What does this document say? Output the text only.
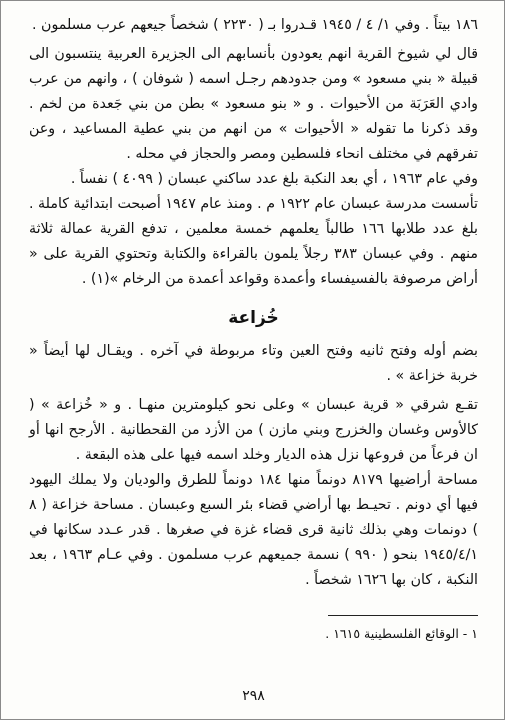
١٨٦ بيتاً . وفي ١/ ٤ / ١٩٤٥ قـدروا بـ ( ٢٢٣٠ ) شخصاً جيعهم عرب مسلمون .

قال لي شيوخ القرية انهم يعودون بأنسابهم الى الجزيرة العربية ينتسبون الى قبيلة « بني مسعود » ومن جدودهم رجـل اسمه ( شوفان ) ، وانهم من عرب وادي العَرَبَة من الأحيوات . و « بنو مسعود » بطن من بني جَعدة من لخم . وقد ذكرنا ما تقوله « الأحيوات » من انهم من بني عطية المساعيد ، وعن تفرقهم في مختلف انحاء فلسطين ومصر والحجاز في محله .

وفي عام ١٩٦٣ ، أي بعد النكبة بلغ عدد ساكني عبسان ( ٤٠٩٩ ) نفساً .

تأسست مدرسة عبسان عام ١٩٢٢ م . ومنذ عام ١٩٤٧ أصبحت ابتدائية كاملة . بلغ عدد طلابها ١٦٦ طالباً يعلمهم خمسة معلمين ، تدفع القرية عمالة ثلاثة منهم . وفي عبسان ٣٨٣ رجلاً يلمون بالقراءة والكتابة وتحتوي القرية على « أراض مرصوفة بالفسيفساء وأعمدة وقواعد أعمدة من الرخام »(١) .

خُزاعة

بضم أوله وفتح ثانيه وفتح العين وتاء مربوطة في آخره . ويقـال لها أيضاً « خربة خزاعة » .

تقـع شرقي « قرية عبسان » وعلى نحو كيلومترين منهـا . و « خُزاعة » ( كالأوس وغسان والخزرج وبني مازن ) من الأزد من القحطانية . الأرجح انها أو ان فرعاً من فروعها نزل هذه الديار وخلد اسمه فيها على هذه البقعة .

مساحة أراضيها ٨١٧٩ دونماً منها ١٨٤ دونماً للطرق والوديان ولا يملك اليهود فيها أي دونم . تحيـط بها أراضي قضاء بئر السبع وعبسان . مساحة خزاعة ( ٨ ) دونمات وهي بذلك ثانية قرى قضاء غزة في صغرها . قدر عـدد سكانها في ١٩٤٥/٤/١ بنحو ( ٩٩٠ ) نسمة جميعهم عرب مسلمون . وفي عـام ١٩٦٣ ، بعد النكبة ، كان بها ١٦٢٦ شخصاً .

١ - الوقائع الفلسطينية ١٦١٥ .
٢٩٨
